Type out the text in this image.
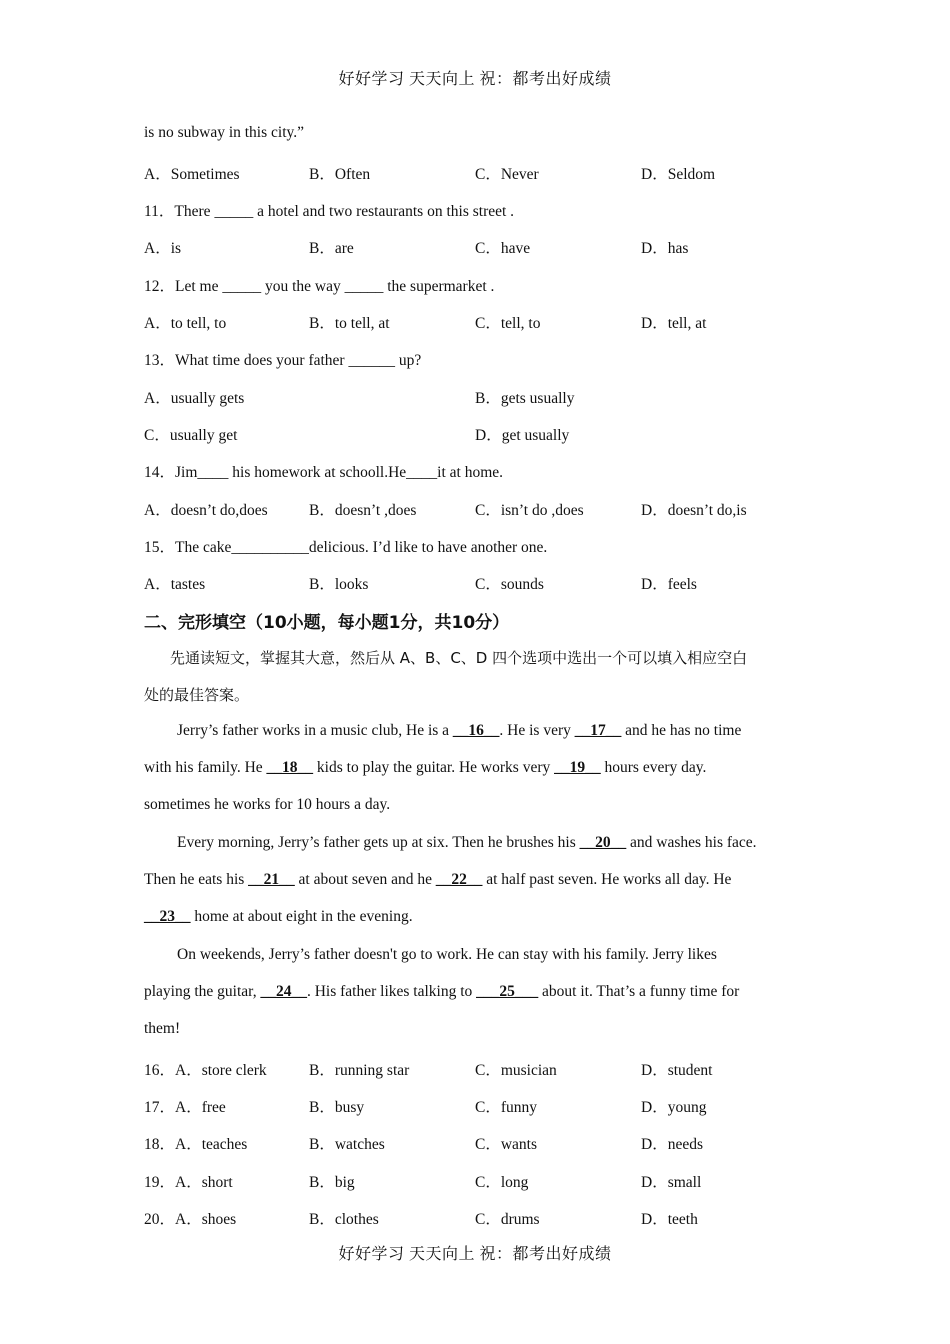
好好学习 天天向上 祝：都考出好成绩
is no subway in this city.”
A．Sometimes	B．Often	C．Never	D．Seldom
11．There _____ a hotel and two restaurants on this street .
A．is	B．are	C．have	D．has
12．Let me _____ you the way _____ the supermarket .
A．to tell, to	B．to tell, at	C．tell, to	D．tell, at
13．What time does your father ______ up?
A．usually gets	B．gets usually
C．usually get	D．get usually
14．Jim____ his homework at schooll.He____it at home.
A．doesn’t do,does	B．doesn’t ,does	C．isn’t do ,does	D．doesn’t do,is
15．The cake__________delicious. I’d like to have another one.
A．tastes	B．looks	C．sounds	D．feels
二、完形填空（10小题，每小题1分，共10分）
先通读短文，掌握其大意，然后从 A、B、C、D 四个选项中选出一个可以填入相应空白
处的最佳答案。
Jerry’s father works in a music club, He is a __16__. He is very __17__ and he has no time
with his family. He __18__ kids to play the guitar. He works very __19__ hours every day.
sometimes he works for 10 hours a day.
Every morning, Jerry’s father gets up at six. Then he brushes his __20__ and washes his face.
Then he eats his __21__ at about seven and he __22__ at half past seven. He works all day. He
__23__ home at about eight in the evening.
On weekends, Jerry’s father doesn't go to work. He can stay with his family. Jerry likes
playing the guitar, __24__. His father likes talking to ___25___ about it. That’s a funny time for
them!
16．A．store clerk	B．running star	C．musician	D．student
17．A．free	B．busy	C．funny	D．young
18．A．teaches	B．watches	C．wants	D．needs
19．A．short	B．big	C．long	D．small
20．A．shoes	B．clothes	C．drums	D．teeth
好好学习 天天向上 祝：都考出好成绩
